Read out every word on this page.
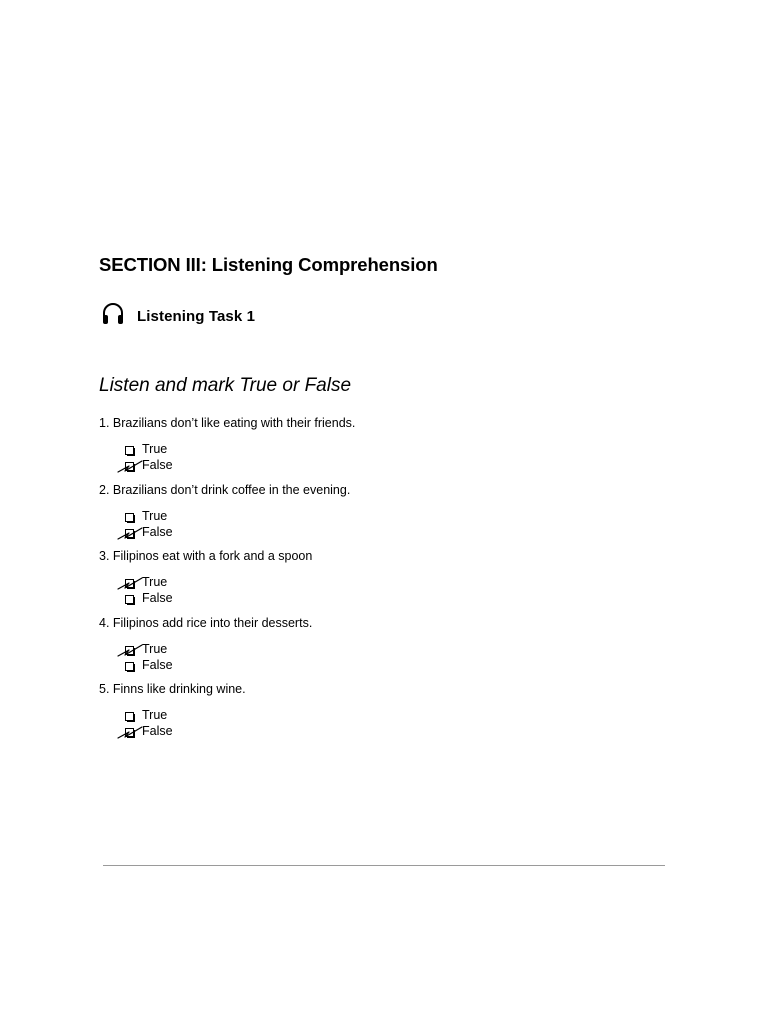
SECTION III: Listening Comprehension
Listening Task 1
Listen and mark True or False
1. Brazilians don’t like eating with their friends.
True
False
2. Brazilians don’t drink coffee in the evening.
True
False
3. Filipinos eat with a fork and a spoon
True
False
4. Filipinos add rice into their desserts.
True
False
5. Finns like drinking wine.
True
False
